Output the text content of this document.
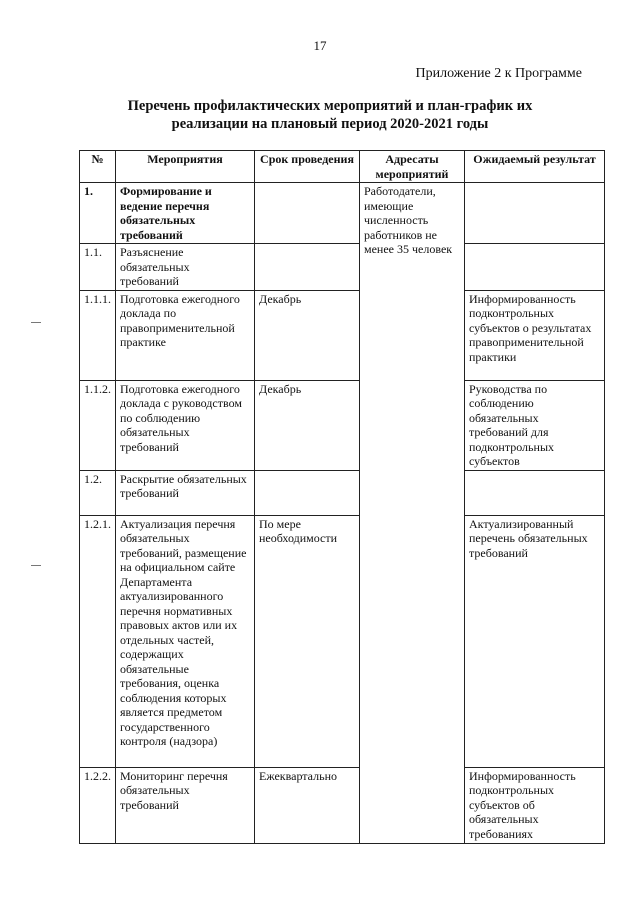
17
Приложение 2 к Программе
Перечень профилактических мероприятий и план-график их
реализации на плановый период 2020-2021 годы
№	Мероприятия	Срок проведения	Адресаты мероприятий	Ожидаемый результат
1.	Формирование и ведение перечня обязательных требований		Работодатели, имеющие численность работников не менее 35 человек	
1.1.	Разъяснение обязательных требований			
1.1.1.	Подготовка ежегодного доклада по правоприменительной практике	Декабрь		Информированность подконтрольных субъектов о результатах правоприменительной практики
1.1.2.	Подготовка ежегодного доклада с руководством по соблюдению обязательных требований	Декабрь		Руководства по соблюдению обязательных требований для подконтрольных субъектов
1.2.	Раскрытие обязательных требований			
1.2.1.	Актуализация перечня обязательных требований, размещение на официальном сайте Департамента актуализированного перечня нормативных правовых актов или их отдельных частей, содержащих обязательные требования, оценка соблюдения которых является предметом государственного контроля (надзора)	По мере необходимости		Актуализированный перечень обязательных требований
1.2.2.	Мониторинг перечня обязательных требований	Ежеквартально		Информированность подконтрольных субъектов об обязательных требованиях
